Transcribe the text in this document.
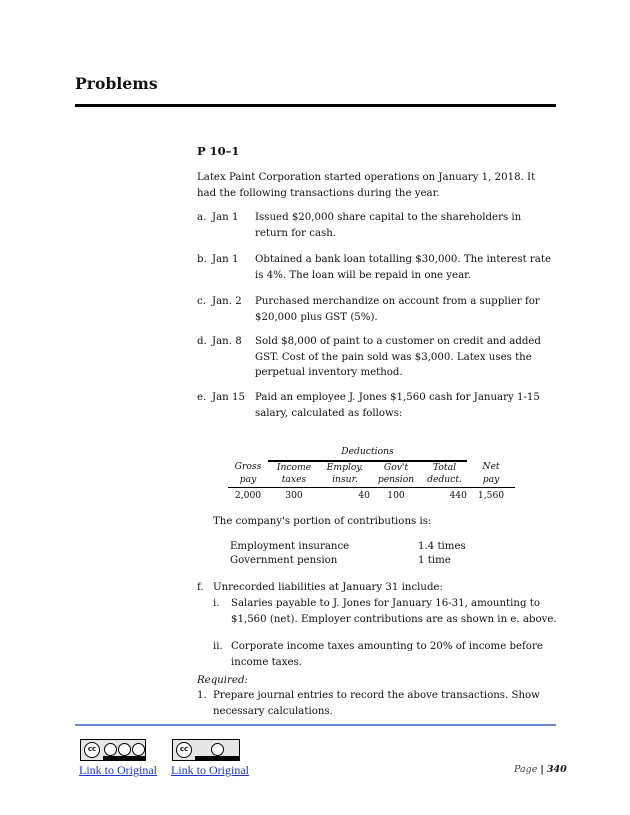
Problems
P 10–1
Latex Paint Corporation started operations on January 1, 2018. It had the following transactions during the year.
a. Jan 1 Issued $20,000 share capital to the shareholders in return for cash.
b. Jan 1 Obtained a bank loan totalling $30,000. The interest rate is 4%. The loan will be repaid in one year.
c. Jan. 2 Purchased merchandize on account from a supplier for $20,000 plus GST (5%).
d. Jan. 8 Sold $8,000 of paint to a customer on credit and added GST. Cost of the pain sold was $3,000. Latex uses the perpetual inventory method.
e. Jan 15 Paid an employee J. Jones $1,560 cash for January 1-15 salary, calculated as follows:
	Deductions				
Gross	Income	Employ.	Gov't	Total	Net
pay	taxes	insur.	pension	deduct.	pay
2,000	300	40	100	440	1,560
The company's portion of contributions is:
Employment insurance	1.4 times
Government pension	1 time
f. Unrecorded liabilities at January 31 include:
i. Salaries payable to J. Jones for January 16-31, amounting to $1,560 (net). Employer contributions are as shown in e. above.
ii. Corporate income taxes amounting to 20% of income before income taxes.
Required:
1. Prepare journal entries to record the above transactions. Show necessary calculations.
cc	cc
Link to Original Link to Original	Page | 340
